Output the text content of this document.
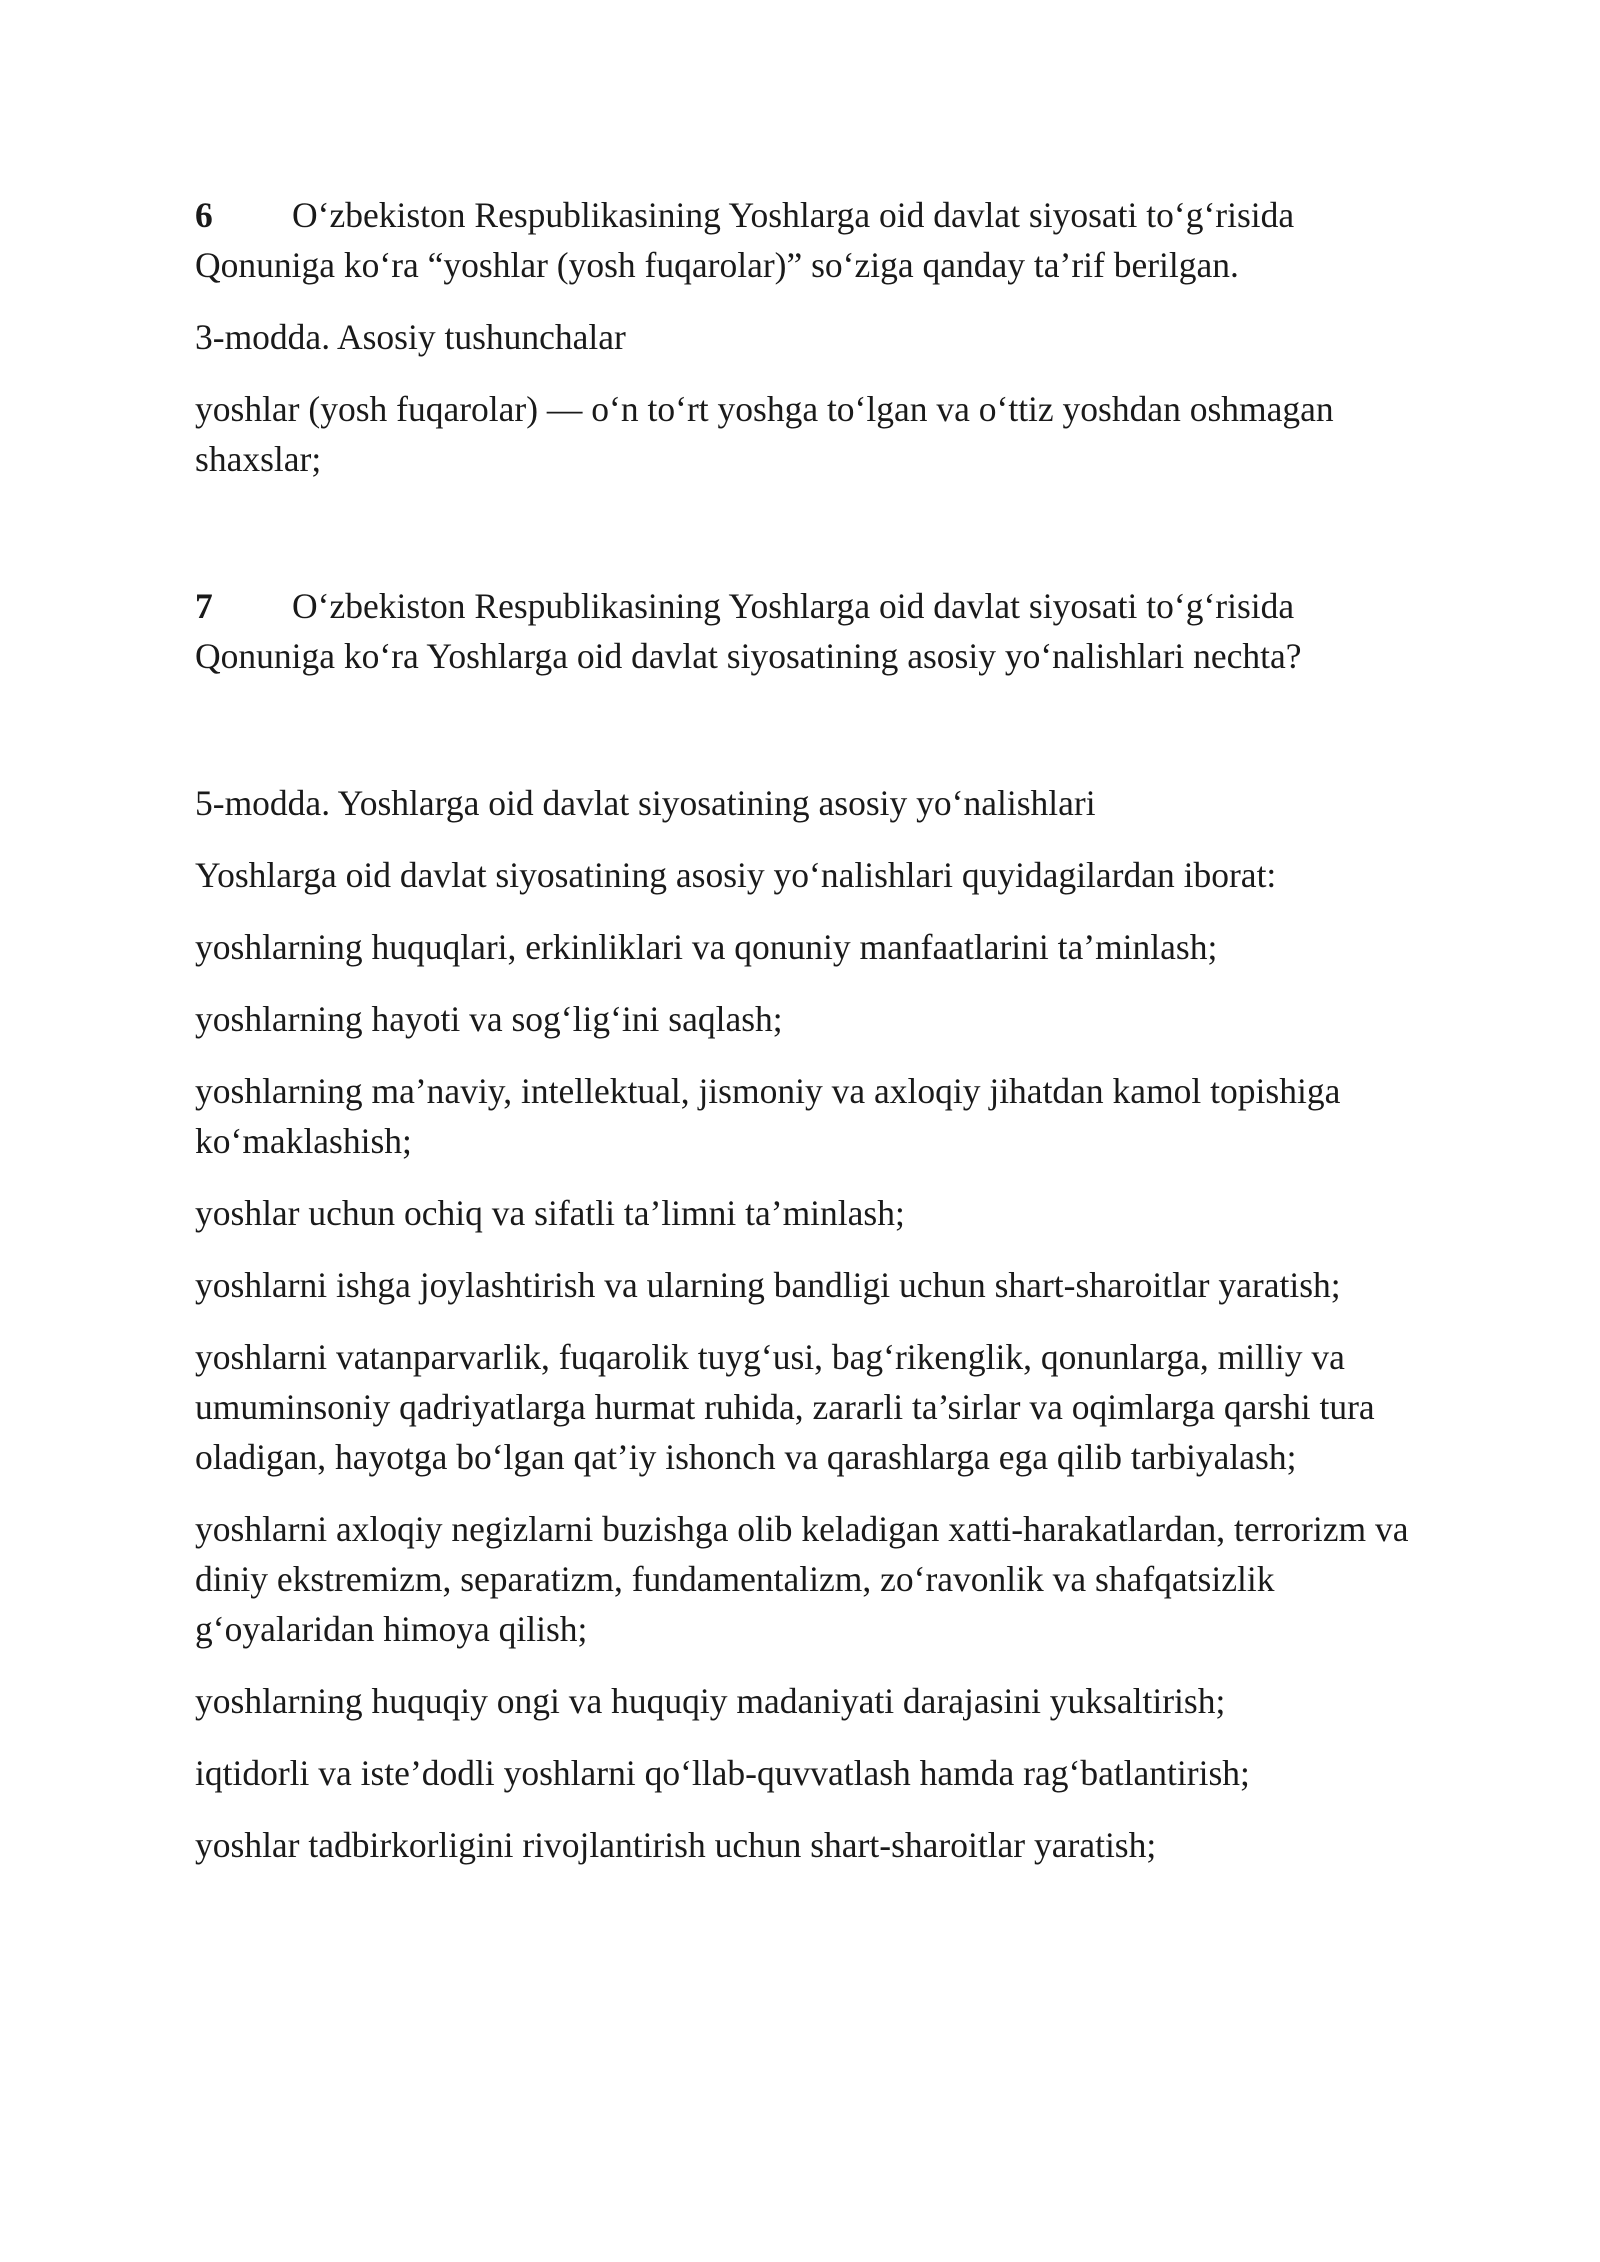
6 O‘zbekiston Respublikasining Yoshlarga oid davlat siyosati to‘g‘risida Qonuniga ko‘ra “yoshlar (yosh fuqarolar)” so‘ziga qanday ta’rif berilgan.

3-modda. Asosiy tushunchalar

yoshlar (yosh fuqarolar) — o‘n to‘rt yoshga to‘lgan va o‘ttiz yoshdan oshmagan shaxslar;

7 O‘zbekiston Respublikasining Yoshlarga oid davlat siyosati to‘g‘risida Qonuniga ko‘ra Yoshlarga oid davlat siyosatining asosiy yo‘nalishlari nechta?

5-modda. Yoshlarga oid davlat siyosatining asosiy yo‘nalishlari

Yoshlarga oid davlat siyosatining asosiy yo‘nalishlari quyidagilardan iborat:

yoshlarning huquqlari, erkinliklari va qonuniy manfaatlarini ta’minlash;

yoshlarning hayoti va sog‘lig‘ini saqlash;

yoshlarning ma’naviy, intellektual, jismoniy va axloqiy jihatdan kamol topishiga ko‘maklashish;

yoshlar uchun ochiq va sifatli ta’limni ta’minlash;

yoshlarni ishga joylashtirish va ularning bandligi uchun shart-sharoitlar yaratish;

yoshlarni vatanparvarlik, fuqarolik tuyg‘usi, bag‘rikenglik, qonunlarga, milliy va umuminsoniy qadriyatlarga hurmat ruhida, zararli ta’sirlar va oqimlarga qarshi tura oladigan, hayotga bo‘lgan qat’iy ishonch va qarashlarga ega qilib tarbiyalash;

yoshlarni axloqiy negizlarni buzishga olib keladigan xatti-harakatlardan, terrorizm va diniy ekstremizm, separatizm, fundamentalizm, zo‘ravonlik va shafqatsizlik g‘oyalaridan himoya qilish;

yoshlarning huquqiy ongi va huquqiy madaniyati darajasini yuksaltirish;

iqtidorli va iste’dodli yoshlarni qo‘llab-quvvatlash hamda rag‘batlantirish;

yoshlar tadbirkorligini rivojlantirish uchun shart-sharoitlar yaratish;
